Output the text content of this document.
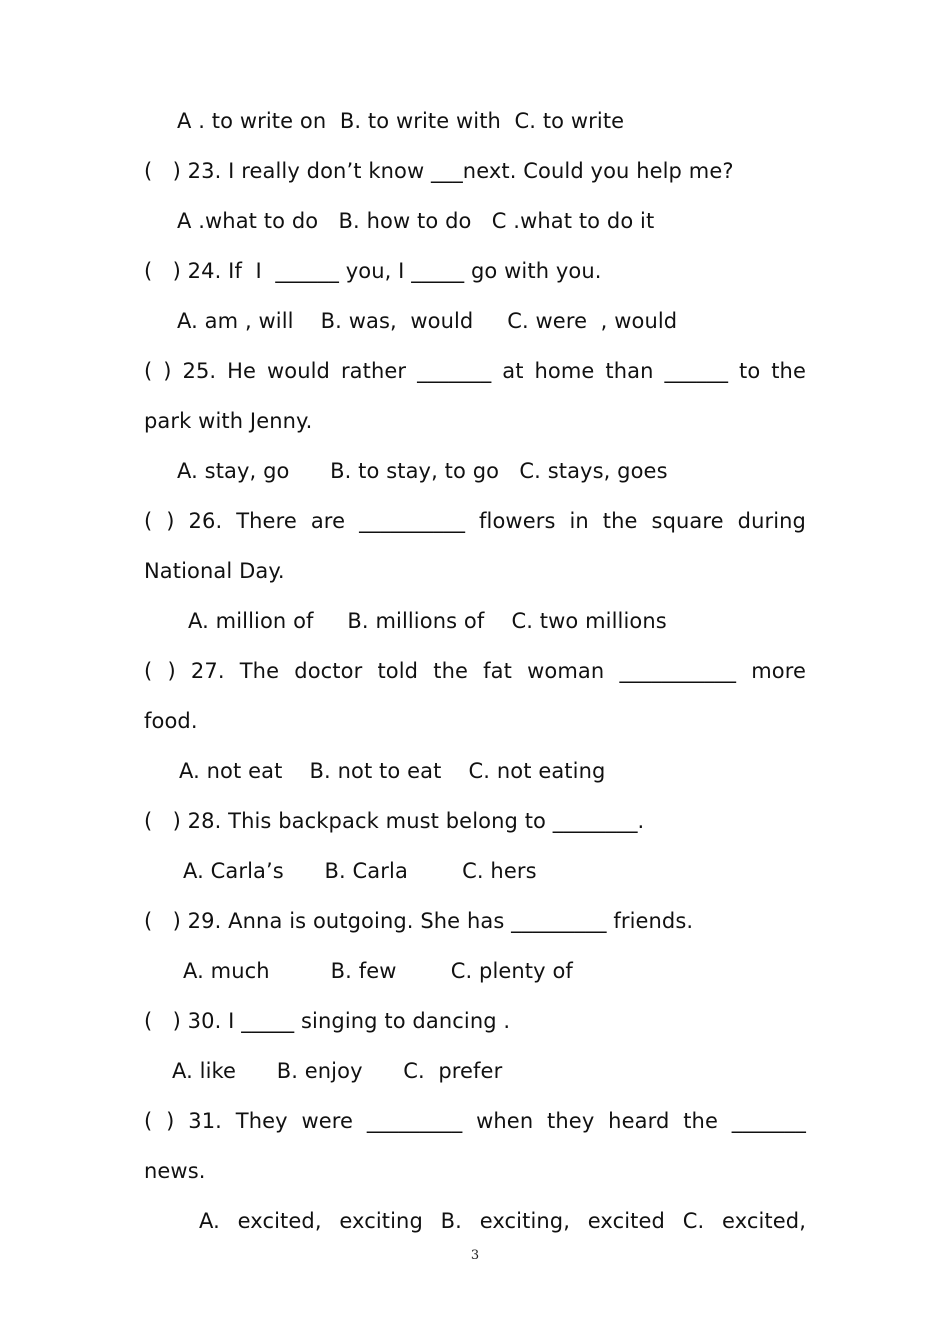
A . to write on  B. to write with  C. to write
(   ) 23. I really don’t know ___next. Could you help me?
A .what to do   B. how to do   C .what to do it
(   ) 24. If  I  ______ you, I _____ go with you.
A. am , will    B. was,  would     C. were  , would
( ) 25. He would rather _______ at home than ______ to the
park with Jenny.
A. stay, go      B. to stay, to go   C. stays, goes
( ) 26. There are __________ flowers in the square during
National Day.
A. million of     B. millions of    C. two millions
( ) 27. The doctor told the fat woman ___________ more
food.
A. not eat    B. not to eat    C. not eating
(   ) 28. This backpack must belong to ________.
A. Carla’s      B. Carla        C. hers
(   ) 29. Anna is outgoing. She has _________ friends.
A. much         B. few        C. plenty of
(   ) 30. I _____ singing to dancing .
A. like      B. enjoy      C.  prefer
( ) 31. They were _________ when they heard the _______
news.
A. excited, exciting B. exciting, excited C. excited,
3
